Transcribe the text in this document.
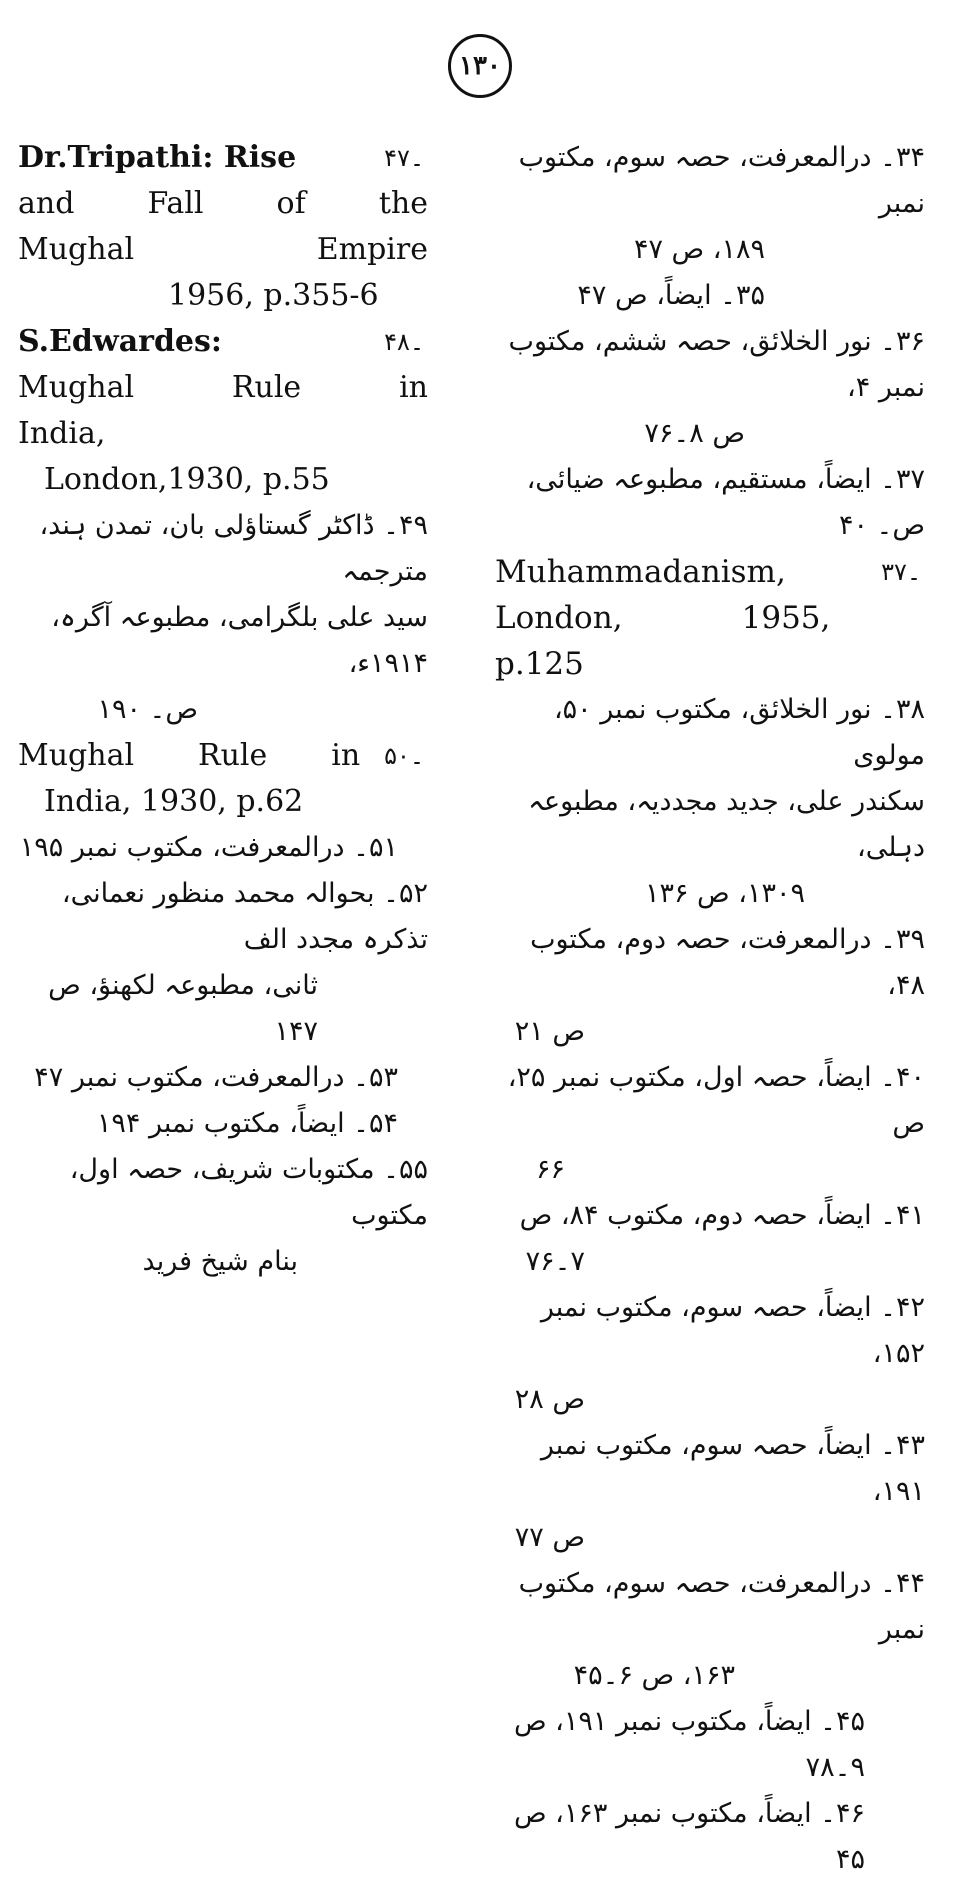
۱۳۰
Dr.Tripathi: Rise	۔۴۷
and Fall of the
Mughal Empire
1956, p.355-6
S.Edwardes:	۔۴۸
Mughal Rule in
India,
London,1930, p.55
۴۹۔ ڈاکٹر گستاؤلی بان، تمدن ہند، مترجمہ
سید علی بلگرامی، مطبوعہ آگرہ، ۱۹۱۴ء،
ص۔ ۱۹۰
Mughal Rule in	۔۵۰
India, 1930, p.62
۵۱۔ درالمعرفت، مکتوب نمبر ۱۹۵
۵۲۔ بحوالہ محمد منظور نعمانی، تذکرہ مجدد الف
ثانی، مطبوعہ لکھنؤ، ص ۱۴۷
۵۳۔ درالمعرفت، مکتوب نمبر ۴۷
۵۴۔ ایضاً، مکتوب نمبر ۱۹۴
۵۵۔ مکتوبات شریف، حصہ اول، مکتوب
بنام شیخ فرید
۳۴۔ درالمعرفت، حصہ سوم، مکتوب نمبر
۱۸۹، ص ۴۷
۳۵۔ ایضاً، ص ۴۷
۳۶۔ نور الخلائق، حصہ ششم، مکتوب نمبر ۴،
ص ۸۔۷۶
۳۷۔ ایضاً، مستقیم، مطبوعہ ضیائی، ص۔ ۴۰
Muhammadanism,	۔۳۷
London, 1955,
p.125
۳۸۔ نور الخلائق، مکتوب نمبر ۵۰، مولوی
سکندر علی، جدید مجددیہ، مطبوعہ دہلی،
۱۳۰۹، ص ۱۳۶
۳۹۔ درالمعرفت، حصہ دوم، مکتوب ۴۸،
ص ۲۱
۴۰۔ ایضاً، حصہ اول، مکتوب نمبر ۲۵، ص
۶۶
۴۱۔ ایضاً، حصہ دوم، مکتوب ۸۴، ص
۷۔۷۶
۴۲۔ ایضاً، حصہ سوم، مکتوب نمبر ۱۵۲،
ص ۲۸
۴۳۔ ایضاً، حصہ سوم، مکتوب نمبر ۱۹۱،
ص ۷۷
۴۴۔ درالمعرفت، حصہ سوم، مکتوب نمبر
۱۶۳، ص ۶۔۴۵
۴۵۔ ایضاً، مکتوب نمبر ۱۹۱، ص ۹۔۷۸
۴۶۔ ایضاً، مکتوب نمبر ۱۶۳، ص ۴۵
